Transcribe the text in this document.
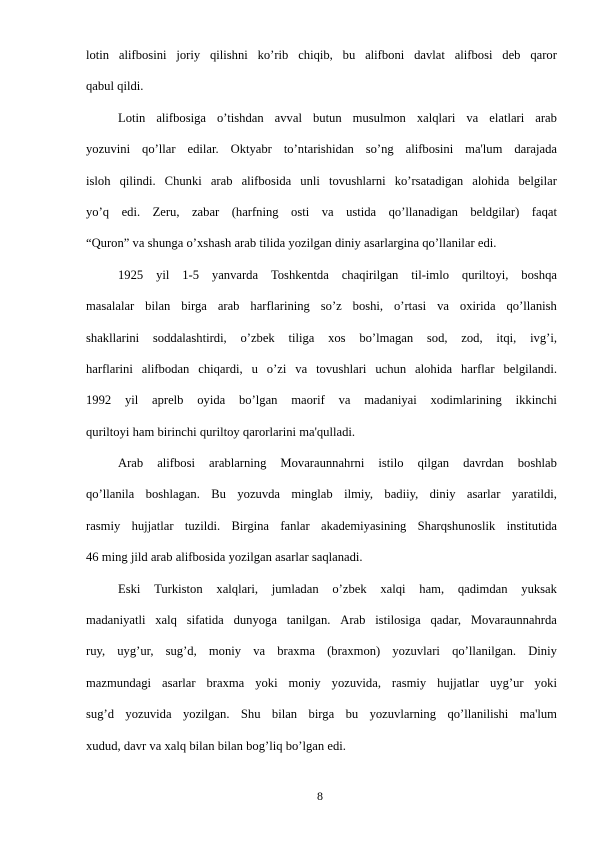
lotin alifbosini joriy qilishni ko’rib chiqib, bu alifboni davlat alifbosi deb qaror
qabul qildi.
Lotin alifbosiga o’tishdan avval butun musulmon xalqlari va elatlari arab
yozuvini qo’llar edilar. Oktyabr to’ntarishidan so’ng alifbosini ma'lum darajada
isloh qilindi. Chunki arab alifbosida unli tovushlarni ko’rsatadigan alohida belgilar
yo’q edi. Zeru, zabar (harfning osti va ustida qo’llanadigan beldgilar) faqat
“Quron” va shunga o’xshash arab tilida yozilgan diniy asarlargina qo’llanilar edi.
1925 yil 1-5 yanvarda Toshkentda chaqirilgan til-imlo quriltoyi, boshqa
masalalar bilan birga arab harflarining so’z boshi, o’rtasi va oxirida qo’llanish
shakllarini soddalashtirdi, o’zbek tiliga xos bo’lmagan sod, zod, itqi, ivg’i,
harflarini alifbodan chiqardi, u o’zi va tovushlari uchun alohida harflar belgilandi.
1992 yil aprelb oyida bo’lgan maorif va madaniyai xodimlarining ikkinchi
quriltoyi ham birinchi quriltoy qarorlarini ma'qulladi.
Arab alifbosi arablarning Movaraunnahrni istilo qilgan davrdan boshlab
qo’llanila boshlagan. Bu yozuvda minglab ilmiy, badiiy, diniy asarlar yaratildi,
rasmiy hujjatlar tuzildi. Birgina fanlar akademiyasining Sharqshunoslik institutida
46 ming jild arab alifbosida yozilgan asarlar saqlanadi.
Eski Turkiston xalqlari, jumladan o’zbek xalqi ham, qadimdan yuksak
madaniyatli xalq sifatida dunyoga tanilgan. Arab istilosiga qadar, Movaraunnahrda
ruy, uyg’ur, sug’d, moniy va braxma (braxmon) yozuvlari qo’llanilgan. Diniy
mazmundagi asarlar braxma yoki moniy yozuvida, rasmiy hujjatlar uyg’ur yoki
sug’d yozuvida yozilgan. Shu bilan birga bu yozuvlarning qo’llanilishi ma'lum
xudud, davr va xalq bilan bilan bog’liq bo’lgan edi.
8
